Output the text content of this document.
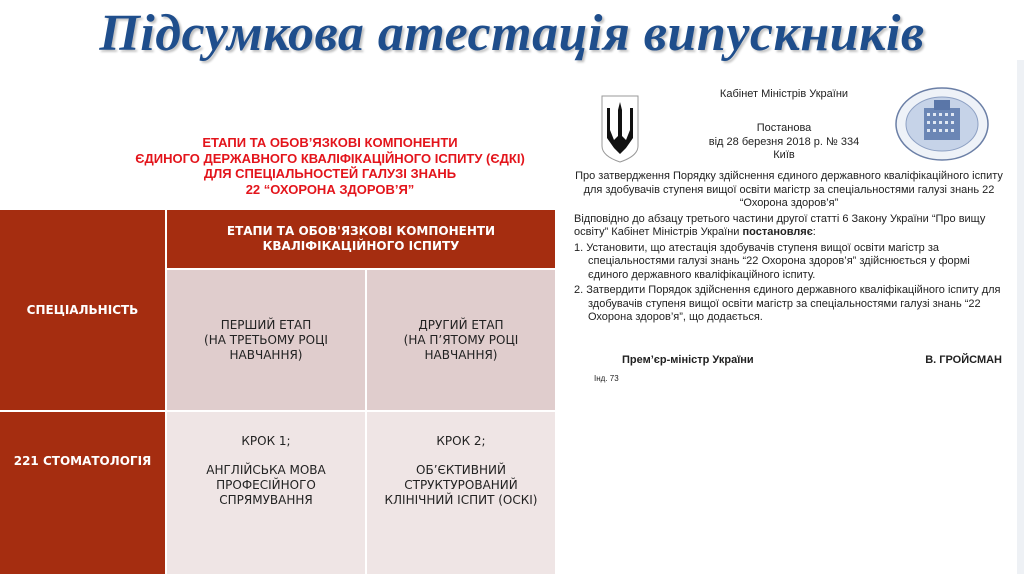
Підсумкова атестація випускників
ЕТАПИ ТА ОБОВ’ЯЗКОВІ КОМПОНЕНТИ
ЄДИНОГО ДЕРЖАВНОГО КВАЛІФІКАЦІЙНОГО ІСПИТУ (ЄДКІ)
ДЛЯ СПЕЦІАЛЬНОСТЕЙ ГАЛУЗІ ЗНАНЬ
22 “ОХОРОНА ЗДОРОВ’Я”
СПЕЦІАЛЬНІСТЬ
ЕТАПИ ТА ОБОВ'ЯЗКОВІ КОМПОНЕНТИ КВАЛІФІКАЦІЙНОГО ІСПИТУ
ПЕРШИЙ ЕТАП
(НА ТРЕТЬОМУ РОЦІ НАВЧАННЯ)
ДРУГИЙ ЕТАП
(НА П’ЯТОМУ РОЦІ НАВЧАННЯ)
221 СТОМАТОЛОГІЯ
КРОК 1;
АНГЛІЙСЬКА МОВА ПРОФЕСІЙНОГО СПРЯМУВАННЯ
КРОК 2;
ОБ’ЄКТИВНИЙ СТРУКТУРОВАНИЙ КЛІНІЧНИЙ ІСПИТ (ОСКІ)
Кабінет Міністрів України
Постанова
від 28 березня 2018 р. № 334
Київ

Про затвердження Порядку здійснення єдиного державного кваліфікаційного іспиту для здобувачів ступеня вищої освіти магістр за спеціальностями галузі знань 22 “Охорона здоров’я”

Відповідно до абзацу третього частини другої статті 6 Закону України “Про вищу освіту” Кабінет Міністрів України постановляє:

1. Установити, що атестація здобувачів ступеня вищої освіти магістр за спеціальностями галузі знань “22 Охорона здоров’я” здійснюється у формі єдиного державного кваліфікаційного іспиту.

2. Затвердити Порядок здійснення єдиного державного кваліфікаційного іспиту для здобувачів ступеня вищої освіти магістр за спеціальностями галузі знань “22 Охорона здоров’я”, що додається.

Прем’єр-міністр України	В. ГРОЙСМАН
Інд. 73
